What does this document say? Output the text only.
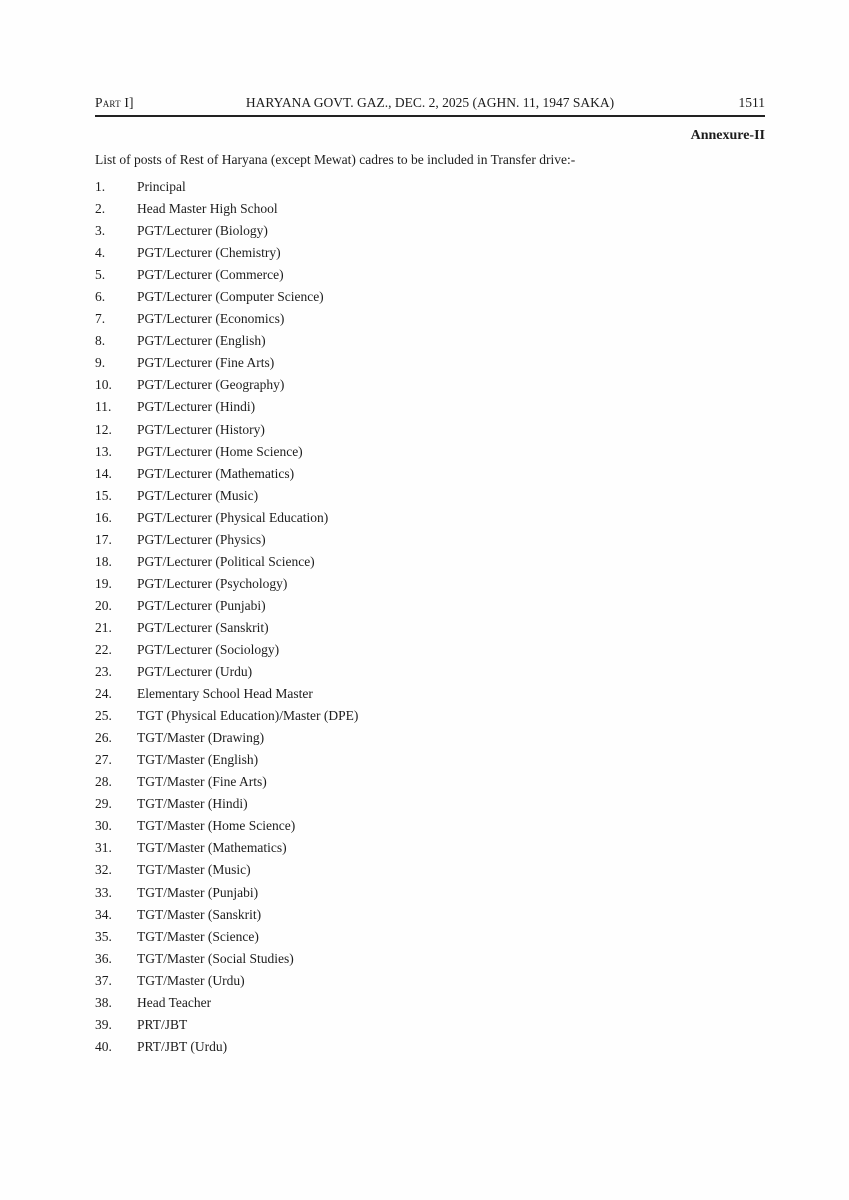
Part I]	HARYANA GOVT. GAZ., DEC. 2, 2025 (AGHN. 11, 1947 SAKA)	1511
Annexure-II
List of posts of Rest of Haryana (except Mewat) cadres to be included in Transfer drive:-
1.	Principal
2.	Head Master High School
3.	PGT/Lecturer (Biology)
4.	PGT/Lecturer (Chemistry)
5.	PGT/Lecturer (Commerce)
6.	PGT/Lecturer (Computer Science)
7.	PGT/Lecturer (Economics)
8.	PGT/Lecturer (English)
9.	PGT/Lecturer (Fine Arts)
10.	PGT/Lecturer (Geography)
11.	PGT/Lecturer (Hindi)
12.	PGT/Lecturer (History)
13.	PGT/Lecturer (Home Science)
14.	PGT/Lecturer (Mathematics)
15.	PGT/Lecturer (Music)
16.	PGT/Lecturer (Physical Education)
17.	PGT/Lecturer (Physics)
18.	PGT/Lecturer (Political Science)
19.	PGT/Lecturer (Psychology)
20.	PGT/Lecturer (Punjabi)
21.	PGT/Lecturer (Sanskrit)
22.	PGT/Lecturer (Sociology)
23.	PGT/Lecturer (Urdu)
24.	Elementary School Head Master
25.	TGT (Physical Education)/Master (DPE)
26.	TGT/Master (Drawing)
27.	TGT/Master (English)
28.	TGT/Master (Fine Arts)
29.	TGT/Master (Hindi)
30.	TGT/Master (Home Science)
31.	TGT/Master (Mathematics)
32.	TGT/Master (Music)
33.	TGT/Master (Punjabi)
34.	TGT/Master (Sanskrit)
35.	TGT/Master (Science)
36.	TGT/Master (Social Studies)
37.	TGT/Master (Urdu)
38.	Head Teacher
39.	PRT/JBT
40.	PRT/JBT (Urdu)
